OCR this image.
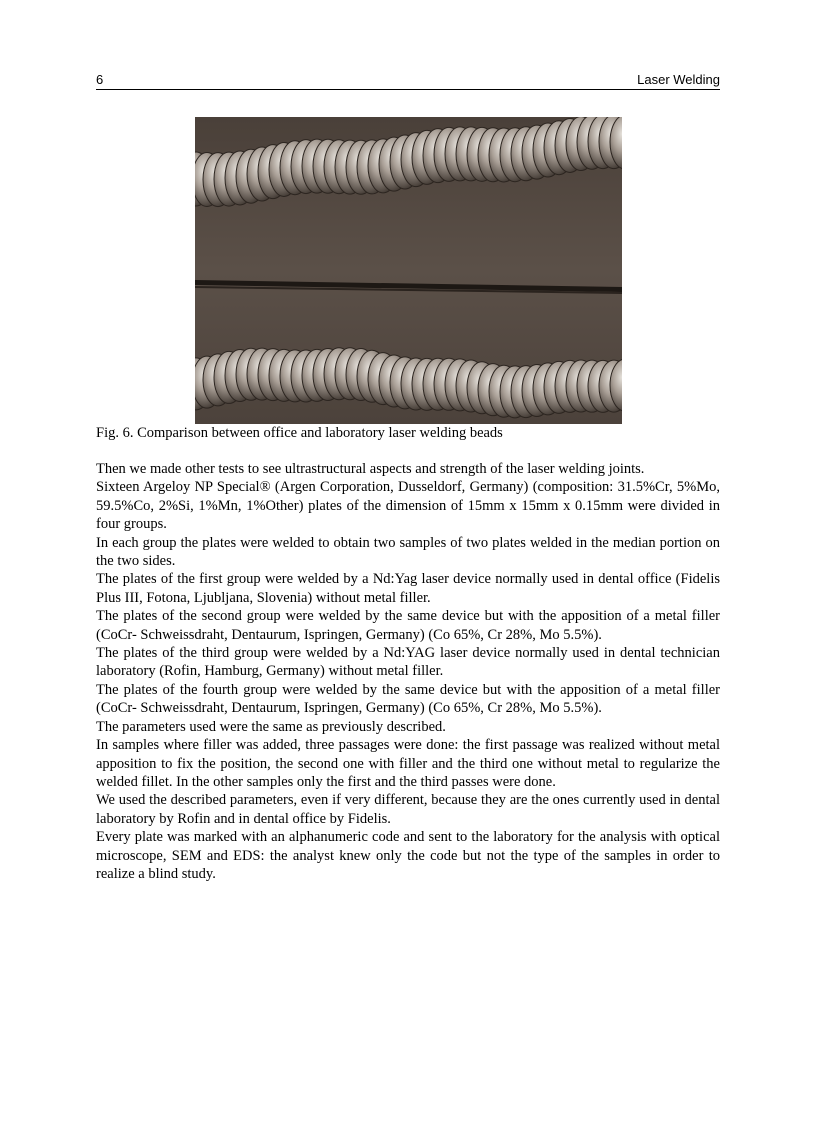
6	Laser Welding
Fig. 6. Comparison between office and laboratory laser welding beads

Then we made other tests to see ultrastructural aspects and strength of the laser welding joints.

Sixteen Argeloy NP Special® (Argen Corporation, Dusseldorf, Germany) (composition: 31.5%Cr, 5%Mo, 59.5%Co, 2%Si, 1%Mn, 1%Other) plates of the dimension of 15mm x 15mm x 0.15mm were divided in four groups.

In each group the plates were welded to obtain two samples of two plates welded in the median portion on the two sides.

The plates of the first group were welded by a Nd:Yag laser device normally used in dental office (Fidelis Plus III, Fotona, Ljubljana, Slovenia) without metal filler.

The plates of the second group were welded by the same device but with the apposition of a metal filler (CoCr- Schweissdraht, Dentaurum, Ispringen, Germany) (Co 65%, Cr 28%, Mo 5.5%).

The plates of the third group were welded by a Nd:YAG laser device normally used in dental technician laboratory (Rofin, Hamburg, Germany) without metal filler.

The plates of the fourth group were welded by the same device but with the apposition of a metal filler (CoCr- Schweissdraht, Dentaurum, Ispringen, Germany) (Co 65%, Cr 28%, Mo 5.5%).

The parameters used were the same as previously described.

In samples where filler was added, three passages were done: the first passage was realized without metal apposition to fix the position, the second one with filler and the third one without metal to regularize the welded fillet. In the other samples only the first and the third passes were done.

We used the described parameters, even if very different, because they are the ones currently used in dental laboratory by Rofin and in dental office by Fidelis.

Every plate was marked with an alphanumeric code and sent to the laboratory for the analysis with optical microscope, SEM and EDS: the analyst knew only the code but not the type of the samples in order to realize a blind study.
